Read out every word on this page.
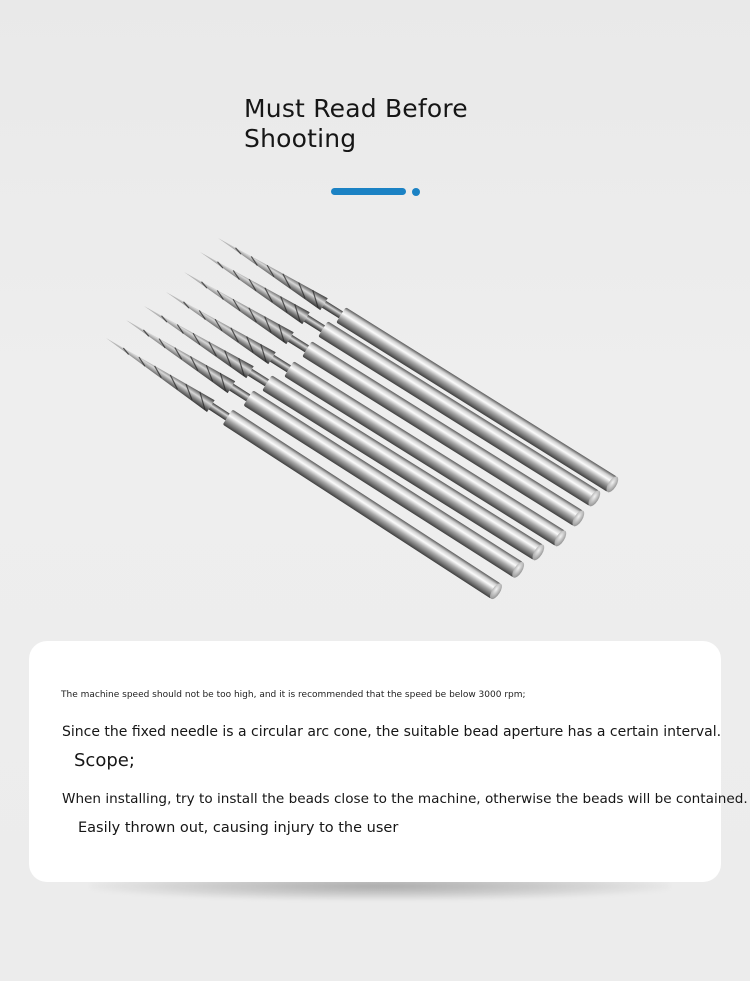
Must Read Before
Shooting

The machine speed should not be too high, and it is recommended that the speed be below 3000 rpm;

Since the fixed needle is a circular arc cone, the suitable bead aperture has a certain interval.

Scope;

When installing, try to install the beads close to the machine, otherwise the beads will be contained.

Easily thrown out, causing injury to the user
